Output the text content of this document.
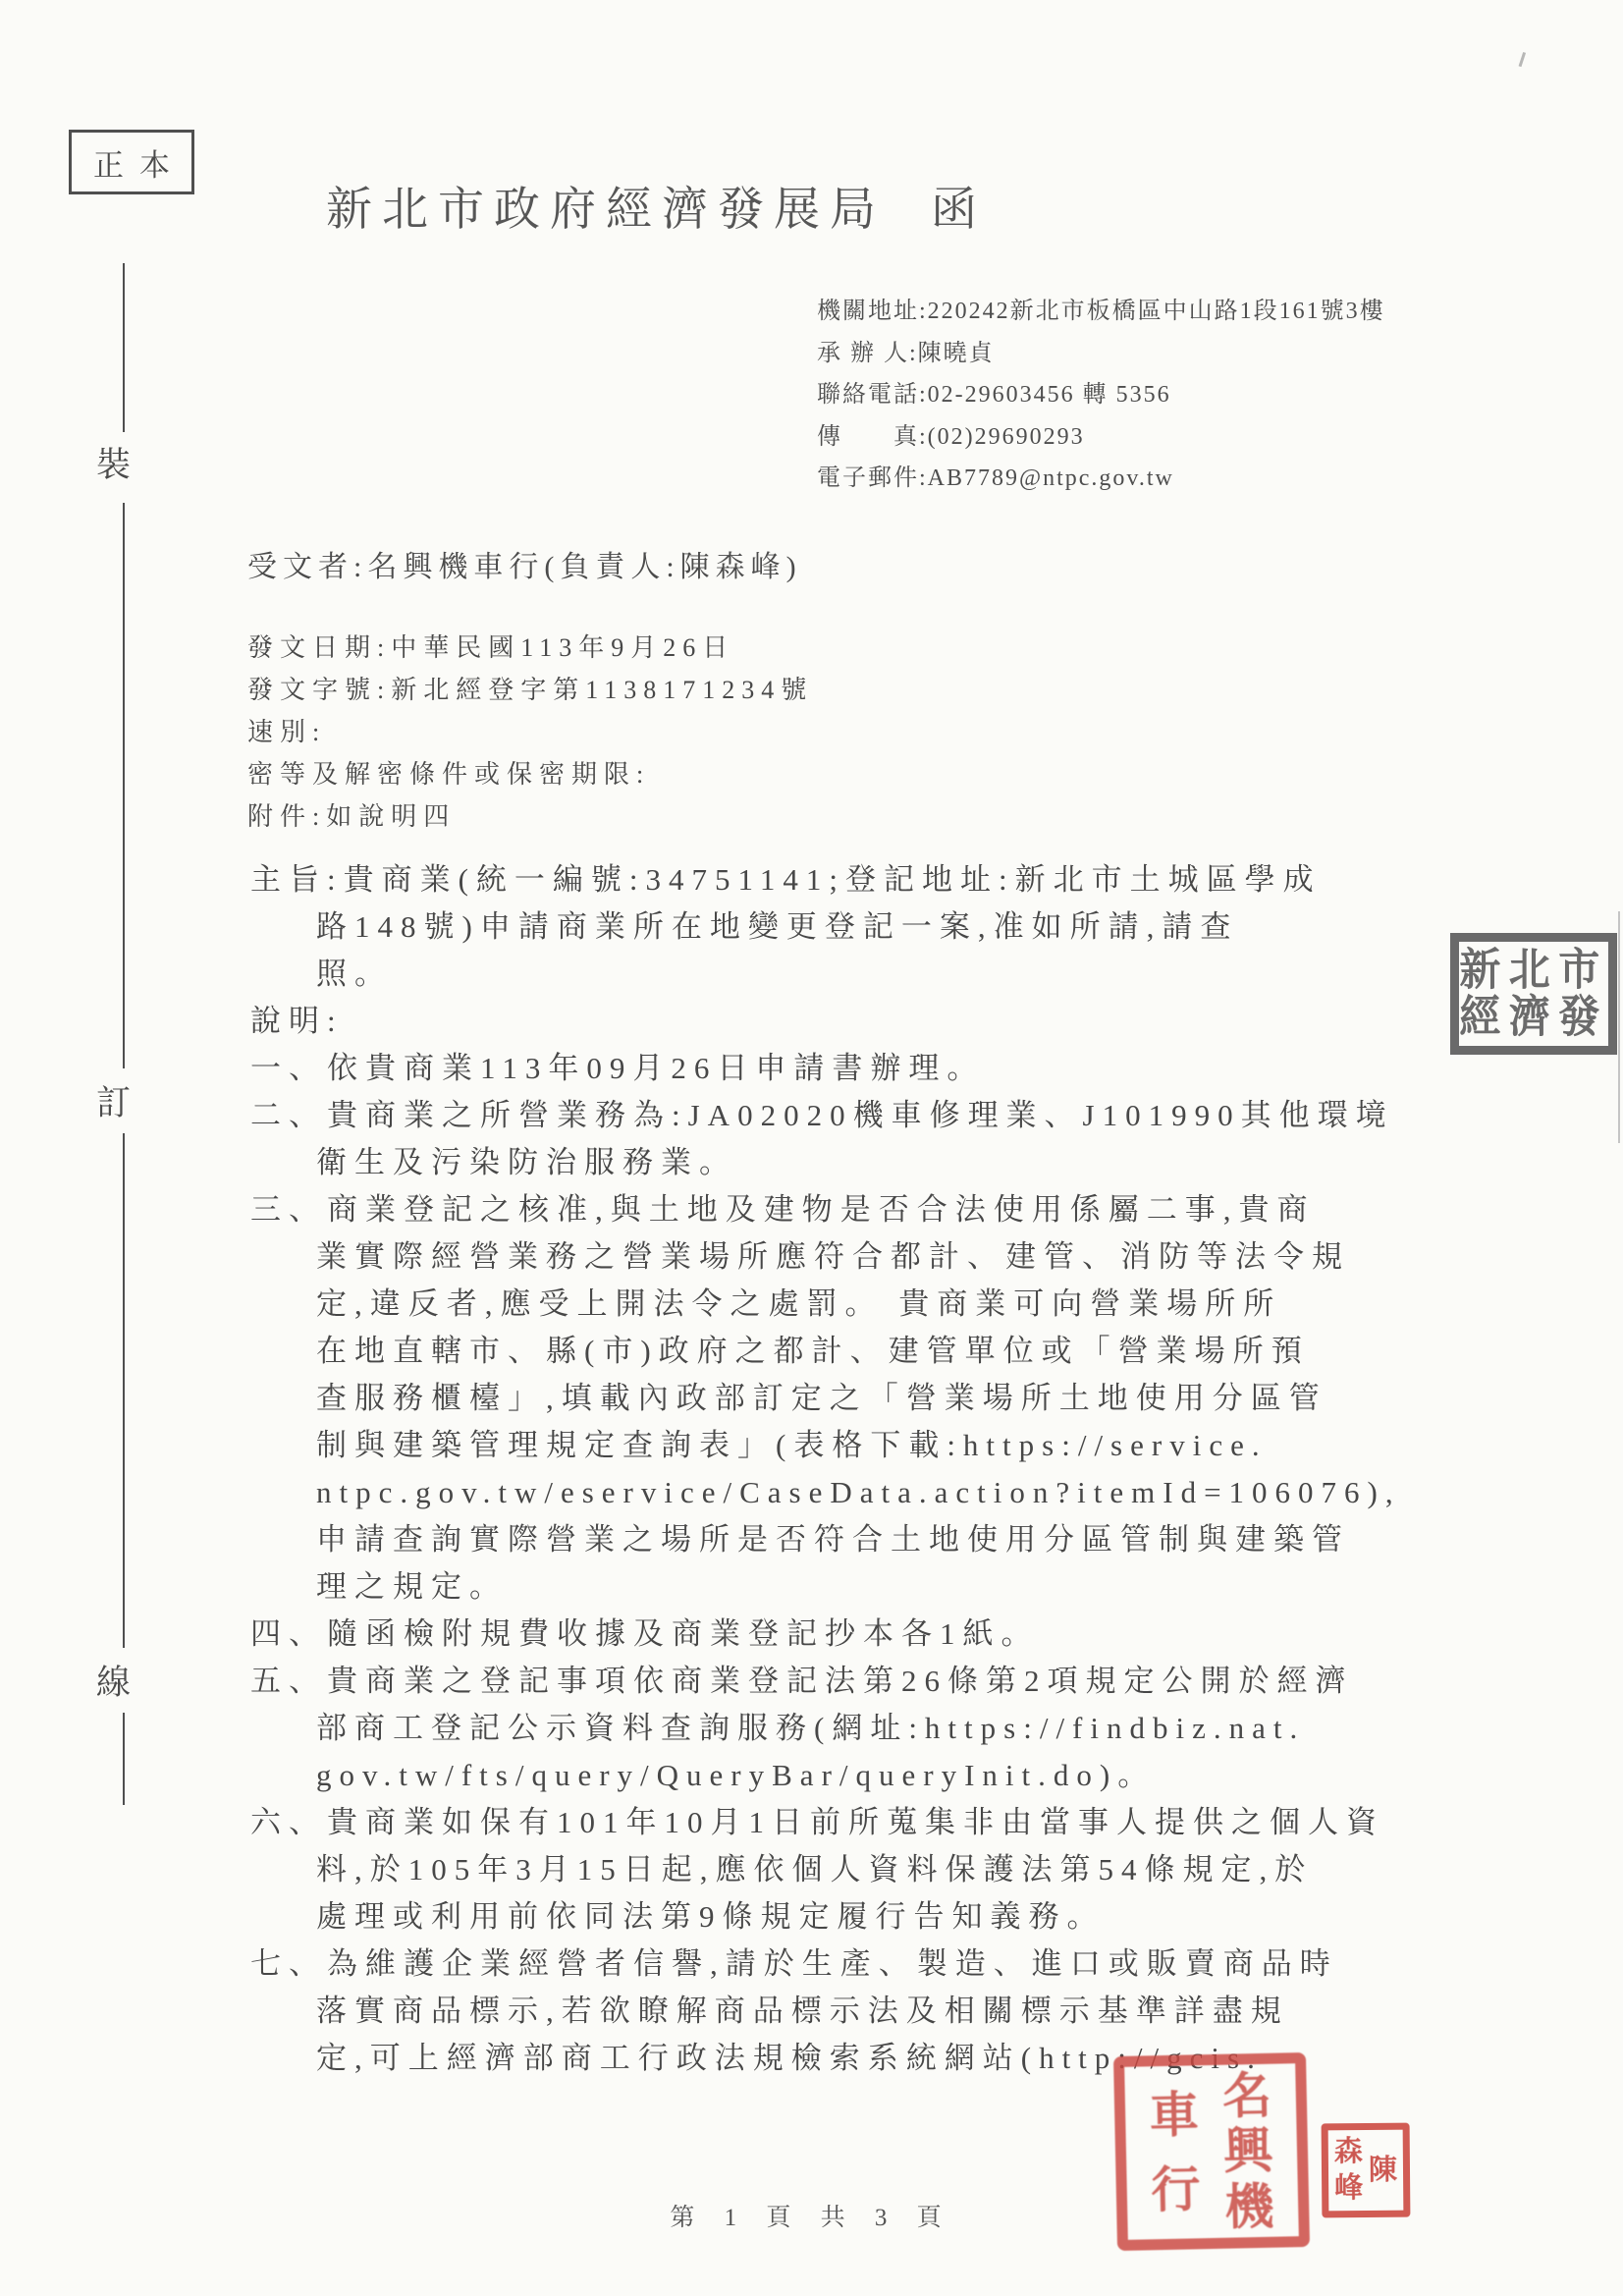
正本
裝
訂
線
新北市政府經濟發展局 函
機關地址:220242新北市板橋區中山路1段161號3樓
承 辦 人:陳曉貞
聯絡電話:02-29603456 轉 5356
傳　　真:(02)29690293
電子郵件:AB7789@ntpc.gov.tw
受文者:名興機車行(負責人:陳森峰)
發文日期:中華民國113年9月26日
發文字號:新北經登字第1138171234號
速別:
密等及解密條件或保密期限:
附件:如說明四
主旨:貴商業(統一編號:34751141;登記地址:新北市土城區學成
路148號)申請商業所在地變更登記一案,准如所請,請查
照。
說明:
一、依貴商業113年09月26日申請書辦理。
二、貴商業之所營業務為:JA02020機車修理業、J101990其他環境
衛生及污染防治服務業。
三、商業登記之核准,與土地及建物是否合法使用係屬二事,貴商
業實際經營業務之營業場所應符合都計、建管、消防等法令規
定,違反者,應受上開法令之處罰。 貴商業可向營業場所所
在地直轄市、縣(市)政府之都計、建管單位或「營業場所預
查服務櫃檯」,填載內政部訂定之「營業場所土地使用分區管
制與建築管理規定查詢表」(表格下載:https://service.
ntpc.gov.tw/eservice/CaseData.action?itemId=106076),
申請查詢實際營業之場所是否符合土地使用分區管制與建築管
理之規定。
四、隨函檢附規費收據及商業登記抄本各1紙。
五、貴商業之登記事項依商業登記法第26條第2項規定公開於經濟
部商工登記公示資料查詢服務(網址:https://findbiz.nat.
gov.tw/fts/query/QueryBar/queryInit.do)。
六、貴商業如保有101年10月1日前所蒐集非由當事人提供之個人資
料,於105年3月15日起,應依個人資料保護法第54條規定,於
處理或利用前依同法第9條規定履行告知義務。
七、為維護企業經營者信譽,請於生產、製造、進口或販賣商品時
落實商品標示,若欲瞭解商品標示法及相關標示基準詳盡規
定,可上經濟部商工行政法規檢索系統網站(http://gcis.
第 1 頁 共 3 頁
新北市
經濟發
名
興
機
車
行	陳
森
峰
